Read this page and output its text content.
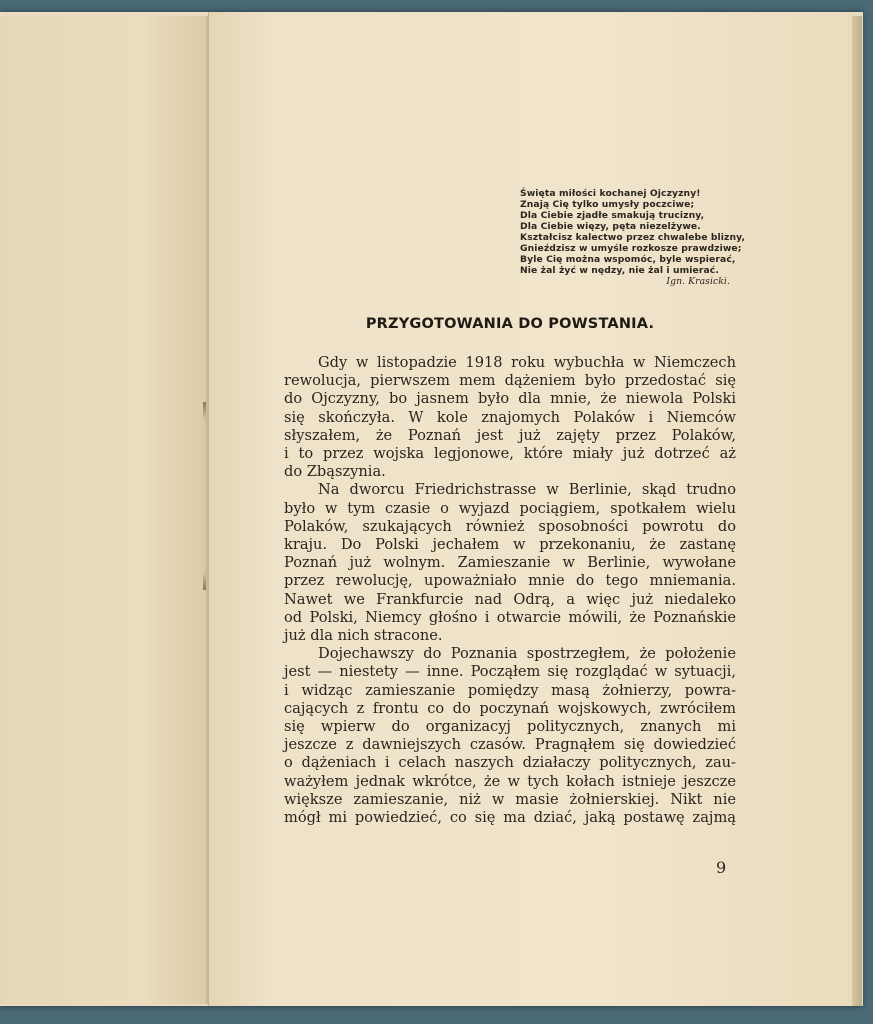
Święta miłości kochanej Ojczyzny!
Znają Cię tylko umysły poczciwe;
Dla Ciebie zjadłe smakują trucizny,
Dla Ciebie więzy, pęta niezelżywe.
Kształcisz kalectwo przez chwalebe blizny,
Gnieździsz w umyśle rozkosze prawdziwe;
Byle Cię można wspomóc, byle wspierać,
Nie żal żyć w nędzy, nie żal i umierać.
Ign. Krasicki.
PRZYGOTOWANIA DO POWSTANIA.
Gdy w listopadzie 1918 roku wybuchła w Niemczech
rewolucja, pierwszem mem dążeniem było przedostać się
do Ojczyzny, bo jasnem było dla mnie, że niewola Polski
się skończyła. W kole znajomych Polaków i Niemców
słyszałem, że Poznań jest już zajęty przez Polaków,
i to przez wojska legjonowe, które miały już dotrzeć aż
do Zbąszynia.
Na dworcu Friedrichstrasse w Berlinie, skąd trudno
było w tym czasie o wyjazd pociągiem, spotkałem wielu
Polaków, szukających również sposobności powrotu do
kraju. Do Polski jechałem w przekonaniu, że zastanę
Poznań już wolnym. Zamieszanie w Berlinie, wywołane
przez rewolucję, upoważniało mnie do tego mniemania.
Nawet we Frankfurcie nad Odrą, a więc już niedaleko
od Polski, Niemcy głośno i otwarcie mówili, że Poznańskie
już dla nich stracone.
Dojechawszy do Poznania spostrzegłem, że położenie
jest — niestety — inne. Począłem się rozglądać w sytuacji,
i widząc zamieszanie pomiędzy masą żołnierzy, powra-
cających z frontu co do poczynań wojskowych, zwróciłem
się wpierw do organizacyj politycznych, znanych mi
jeszcze z dawniejszych czasów. Pragnąłem się dowiedzieć
o dążeniach i celach naszych działaczy politycznych, zau-
ważyłem jednak wkrótce, że w tych kołach istnieje jeszcze
większe zamieszanie, niż w masie żołnierskiej. Nikt nie
mógł mi powiedzieć, co się ma dziać, jaką postawę zajmą
9
